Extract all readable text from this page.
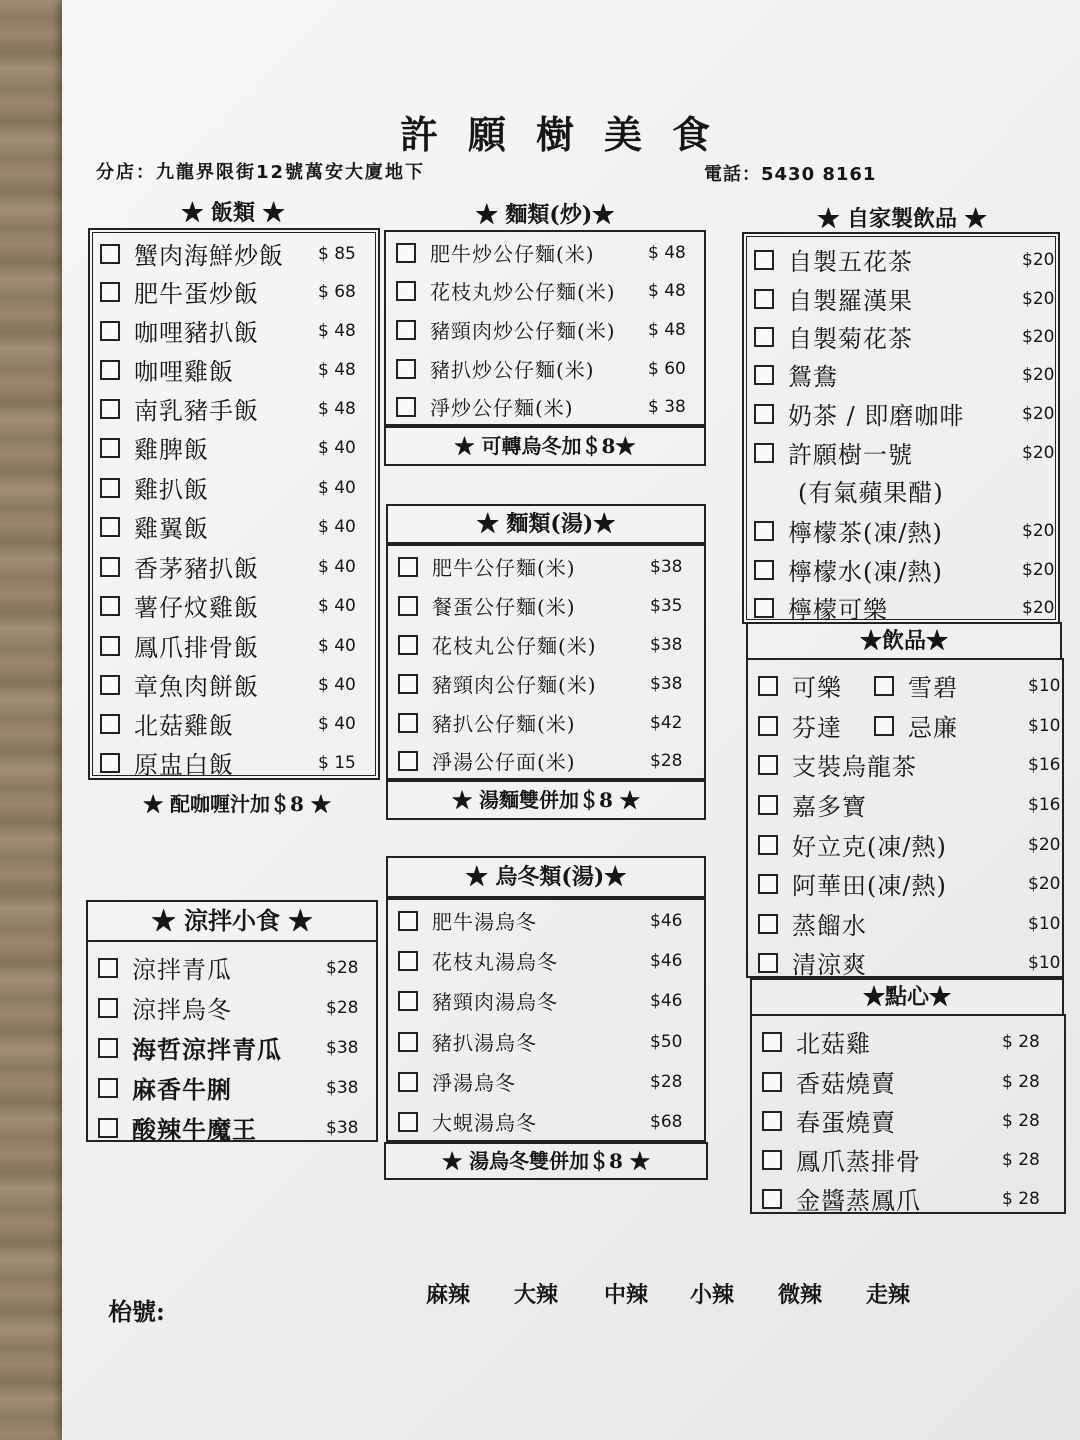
許願樹美食
分店：九龍界限街12號萬安大廈地下	電話：5430 8161
★ 飯類 ★
蟹肉海鮮炒飯 $ 85
肥牛蛋炒飯	$ 68
咖哩豬扒飯	$ 48
咖哩雞飯	$ 48
南乳豬手飯	$ 48
雞脾飯	$ 40
雞扒飯	$ 40
雞翼飯	$ 40
香茅豬扒飯	$ 40
薯仔炆雞飯	$ 40
鳳爪排骨飯	$ 40
章魚肉餅飯	$ 40
北菇雞飯	$ 40
原盅白飯	$ 15
★ 配咖喱汁加＄8 ★
★ 麵類(炒)★
肥牛炒公仔麵(米)	$ 48
花枝丸炒公仔麵(米) $ 48
豬頸肉炒公仔麵(米) $ 48
豬扒炒公仔麵(米)	$ 60
淨炒公仔麵(米)	$ 38
★ 可轉烏冬加＄8★
★ 麵類(湯)★
肥牛公仔麵(米)	$38
餐蛋公仔麵(米)	$35
花枝丸公仔麵(米)	$38
豬頸肉公仔麵(米)	$38
豬扒公仔麵(米)	$42
淨湯公仔面(米)	$28
★ 湯麵雙併加＄8 ★
★ 烏冬類(湯)★
肥牛湯烏冬	$46
花枝丸湯烏冬	$46
豬頸肉湯烏冬	$46
豬扒湯烏冬	$50
淨湯烏冬	$28
大蜆湯烏冬	$68
★ 湯烏冬雙併加＄8 ★
★ 涼拌小食 ★
涼拌青瓜	$28
涼拌烏冬	$28
海哲涼拌青瓜	$38
麻香牛脷	$38
酸辣牛魔王	$38
★ 自家製飲品 ★
自製五花茶	$20
自製羅漢果	$20
自製菊花茶	$20
鴛鴦	$20
奶茶 / 即磨咖啡	$20
許願樹一號	$20
(有氣蘋果醋)
檸檬茶(凍/熱)	$20
檸檬水(凍/熱)	$20
檸檬可樂	$20
★飲品★
可樂	雪碧	$10
芬達	忌廉	$10
支裝烏龍茶	$16
嘉多寶	$16
好立克(凍/熱)	$20
阿華田(凍/熱)	$20
蒸餾水	$10
清涼爽	$10
★點心★
北菇雞	$ 28
香菇燒賣	$ 28
春蛋燒賣	$ 28
鳳爪蒸排骨	$ 28
金醬蒸鳳爪	$ 28
枱號:
麻辣 大辣 中辣 小辣 微辣 走辣
